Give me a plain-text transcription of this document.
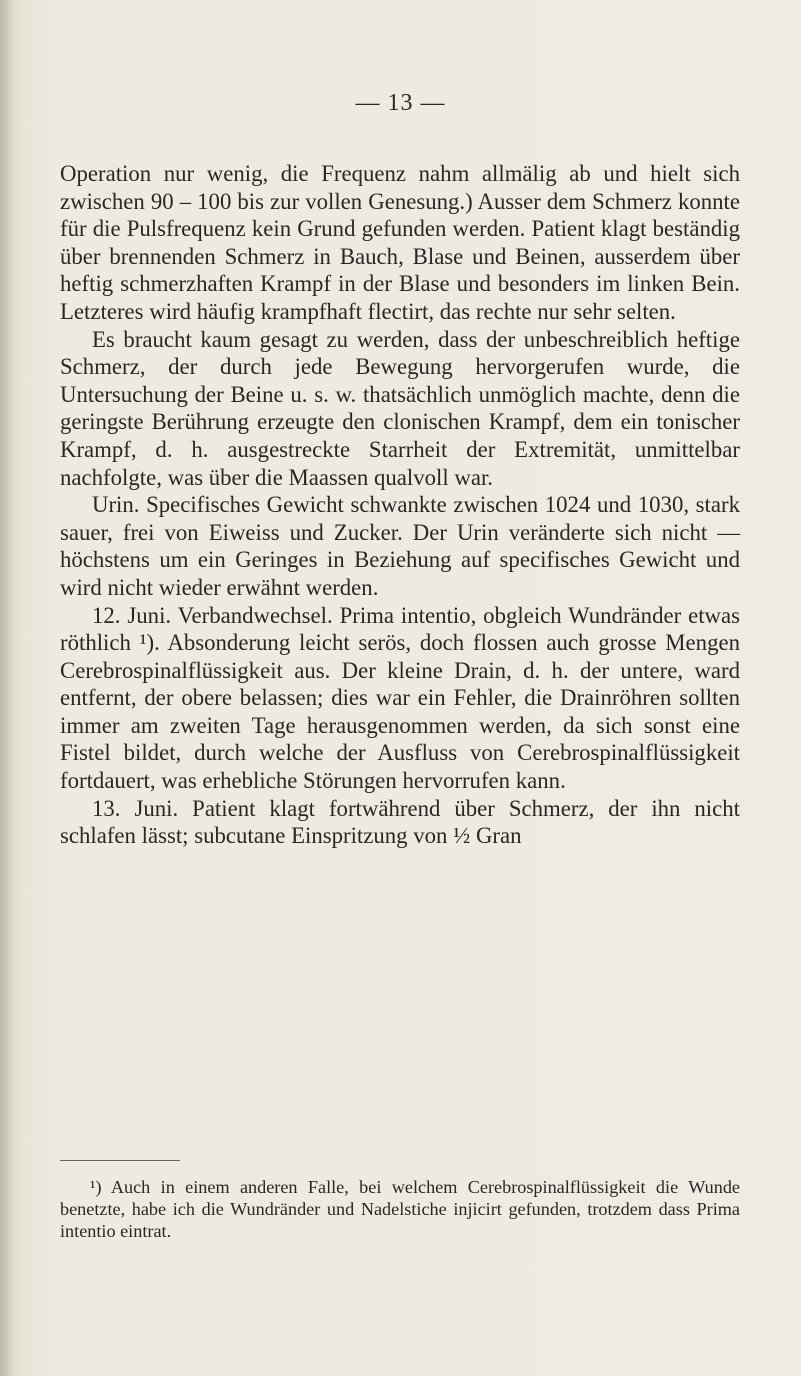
— 13 —

Operation nur wenig, die Frequenz nahm allmälig ab und hielt sich zwischen 90 – 100 bis zur vollen Genesung.) Ausser dem Schmerz konnte für die Pulsfrequenz kein Grund gefunden werden. Patient klagt beständig über brennenden Schmerz in Bauch, Blase und Beinen, ausserdem über heftig schmerzhaften Krampf in der Blase und besonders im linken Bein. Letzteres wird häufig krampfhaft flectirt, das rechte nur sehr selten.

Es braucht kaum gesagt zu werden, dass der unbeschreiblich heftige Schmerz, der durch jede Bewegung hervorgerufen wurde, die Untersuchung der Beine u. s. w. thatsächlich unmöglich machte, denn die geringste Berührung erzeugte den clonischen Krampf, dem ein tonischer Krampf, d. h. ausgestreckte Starrheit der Extremität, unmittelbar nachfolgte, was über die Maassen qualvoll war.

Urin. Specifisches Gewicht schwankte zwischen 1024 und 1030, stark sauer, frei von Eiweiss und Zucker. Der Urin veränderte sich nicht — höchstens um ein Geringes in Beziehung auf specifisches Gewicht und wird nicht wieder erwähnt werden.

12. Juni. Verbandwechsel. Prima intentio, obgleich Wundränder etwas röthlich ¹). Absonderung leicht serös, doch flossen auch grosse Mengen Cerebrospinalflüssigkeit aus. Der kleine Drain, d. h. der untere, ward entfernt, der obere belassen; dies war ein Fehler, die Drainröhren sollten immer am zweiten Tage herausgenommen werden, da sich sonst eine Fistel bildet, durch welche der Ausfluss von Cerebrospinalflüssigkeit fortdauert, was erhebliche Störungen hervorrufen kann.

13. Juni. Patient klagt fortwährend über Schmerz, der ihn nicht schlafen lässt; subcutane Einspritzung von ½ Gran

¹) Auch in einem anderen Falle, bei welchem Cerebrospinalflüssigkeit die Wunde benetzte, habe ich die Wundränder und Nadelstiche injicirt gefunden, trotzdem dass Prima intentio eintrat.
